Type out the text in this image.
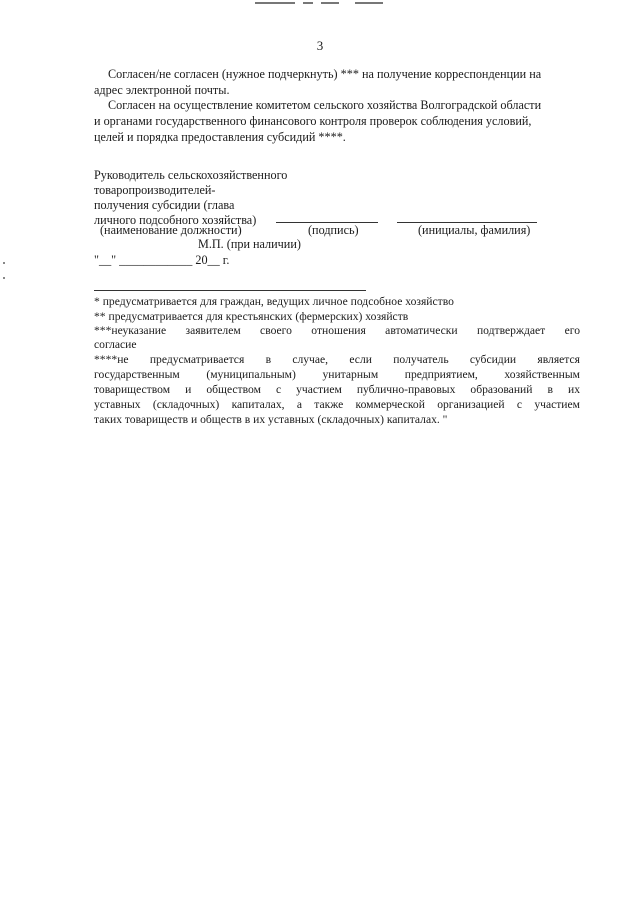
3
Согласен/не согласен (нужное подчеркнуть) *** на получение корреспонденции на
адрес электронной почты.
Согласен на осуществление комитетом сельского хозяйства Волгоградской области
и органами государственного финансового контроля проверок соблюдения условий,
целей и порядка предоставления субсидий ****.
Руководитель сельскохозяйственного
товаропроизводителей-
получения субсидии (глава
личного подсобного хозяйства)
(наименование должности)	(подпись)	(инициалы, фамилия)
М.П. (при наличии)
"__" ____________ 20__ г.
* предусматривается для граждан, ведущих личное подсобное хозяйство
** предусматривается для крестьянских (фермерских) хозяйств
***неуказание заявителем своего отношения автоматически подтверждает его
согласие
****не предусматривается в случае, если получатель субсидии является
государственным (муниципальным) унитарным предприятием, хозяйственным
товариществом и обществом с участием публично-правовых образований в их
уставных (складочных) капиталах, а также коммерческой организацией с участием
таких товариществ и обществ в их уставных (складочных) капиталах. "
